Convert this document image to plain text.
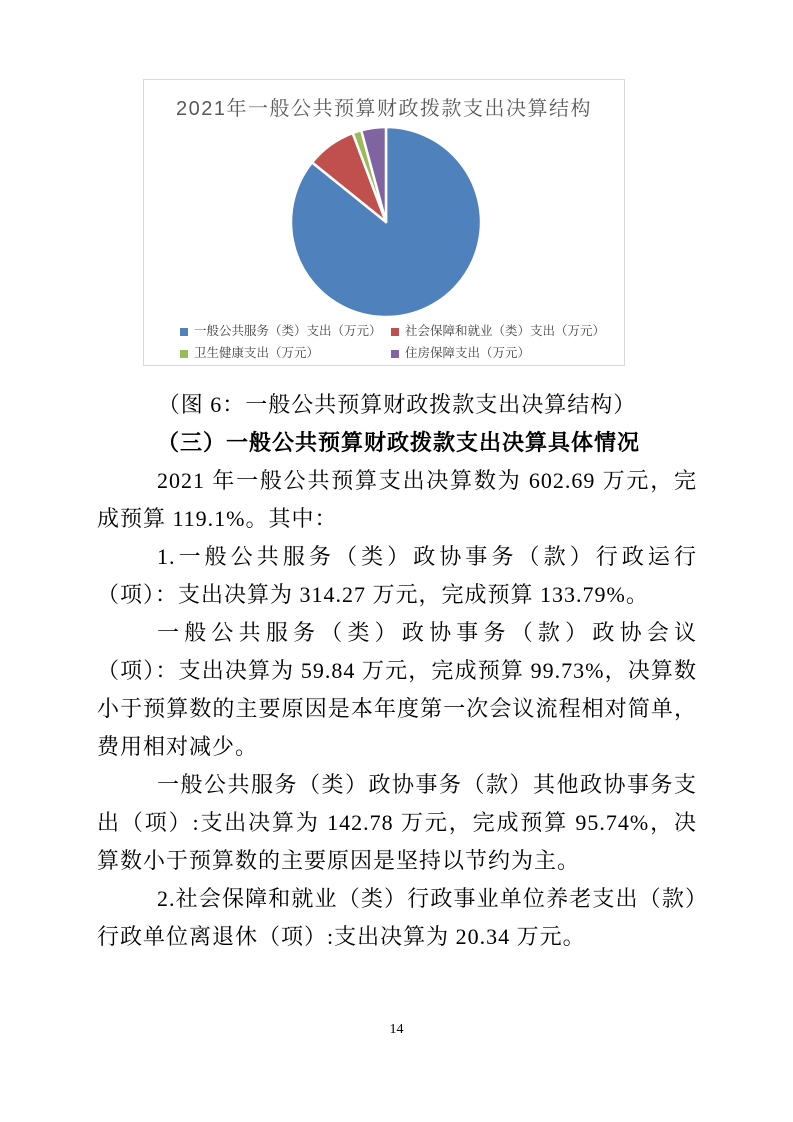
2021年一般公共预算财政拨款支出决算结构
一般公共服务（类）支出（万元） 社会保障和就业（类）支出（万元）
卫生健康支出（万元）	住房保障支出（万元）

（图 6：一般公共预算财政拨款支出决算结构）

（三）一般公共预算财政拨款支出决算具体情况

2021 年一般公共预算支出决算数为 602.69 万元，完成预算 119.1%。其中：

1.一般公共服务（类）政协事务（款）行政运行（项）：支出决算为 314.27 万元，完成预算 133.79%。

一般公共服务（类）政协事务（款）政协会议（项）：支出决算为 59.84 万元，完成预算 99.73%，决算数小于预算数的主要原因是本年度第一次会议流程相对简单，费用相对减少。

一般公共服务（类）政协事务（款）其他政协事务支出（项）:支出决算为 142.78 万元，完成预算 95.74%，决算数小于预算数的主要原因是坚持以节约为主。

2.社会保障和就业（类）行政事业单位养老支出（款）行政单位离退休（项）:支出决算为 20.34 万元。

14
